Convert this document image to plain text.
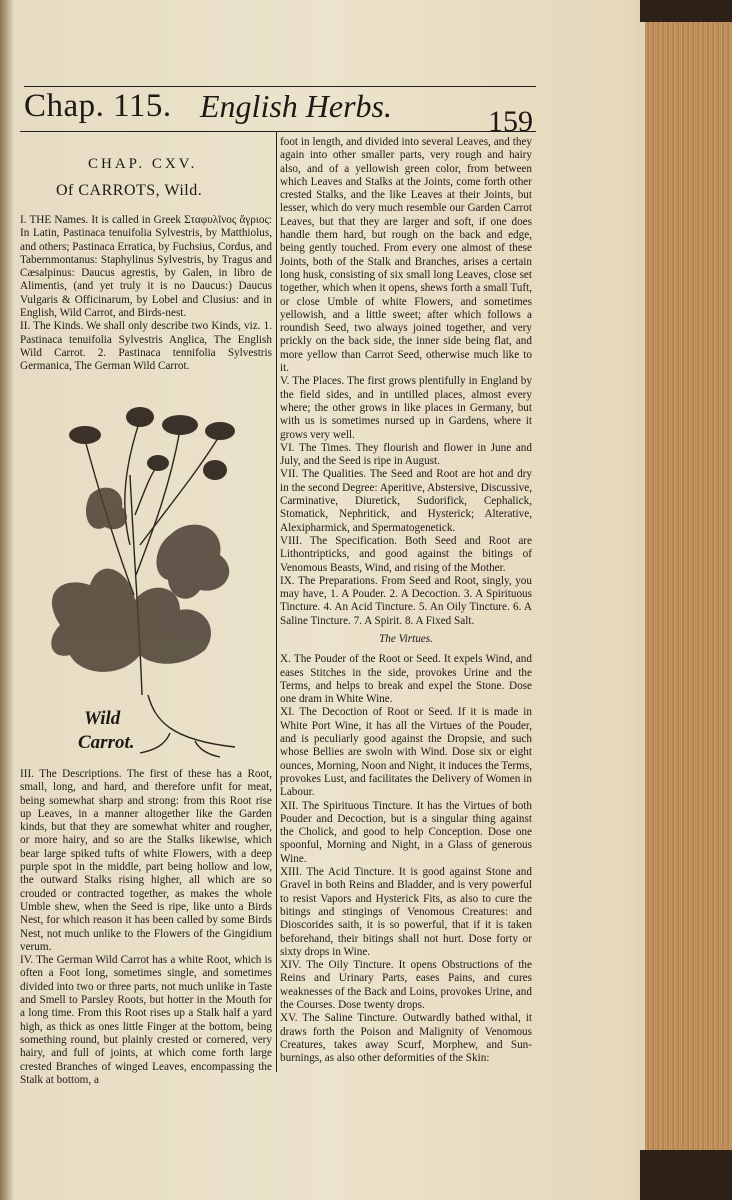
Chap. 115. English Herbs.	159
CHAP. CXV.
Of CARROTS, Wild.

I. THE Names. It is called in Greek Σταφυλῖνος ἄγριος: In Latin, Pastinaca tenuifolia Sylvestris, by Matthiolus, and others; Pastinaca Erratica, by Fuchsius, Cordus, and Tabernmontanus: Staphylinus Sylvestris, by Tragus and Cæsalpinus: Daucus agrestis, by Galen, in libro de Alimentis, (and yet truly it is no Daucus:) Daucus Vulgaris & Officinarum, by Lobel and Clusius: and in English, Wild Carrot, and Birds-nest.

II. The Kinds. We shall only describe two Kinds, viz. 1. Pastinaca tenuifolia Sylvestris Anglica, The English Wild Carrot. 2. Pastinaca tennifolia Sylvestris Germanica, The German Wild Carrot.

Wild
Carrot.

III. The Descriptions. The first of these has a Root, small, long, and hard, and therefore unfit for meat, being somewhat sharp and strong: from this Root rise up Leaves, in a manner altogether like the Garden kinds, but that they are somewhat whiter and rougher, or more hairy, and so are the Stalks likewise, which bear large spiked tufts of white Flowers, with a deep purple spot in the middle, part being hollow and low, the outward Stalks rising higher, all which are so crouded or contracted together, as makes the whole Umble shew, when the Seed is ripe, like unto a Birds Nest, for which reason it has been called by some Birds Nest, not much unlike to the Flowers of the Gingidium verum.

IV. The German Wild Carrot has a white Root, which is often a Foot long, sometimes single, and sometimes divided into two or three parts, not much unlike in Taste and Smell to Parsley Roots, but hotter in the Mouth for a long time. From this Root rises up a Stalk half a yard high, as thick as ones little Finger at the bottom, being something round, but plainly crested or cornered, very hairy, and full of joints, at which come forth large crested Branches of winged Leaves, encompassing the Stalk at bottom, a

foot in length, and divided into several Leaves, and they again into other smaller parts, very rough and hairy also, and of a yellowish green color, from between which Leaves and Stalks at the Joints, come forth other crested Stalks, and the like Leaves at their Joints, but lesser, which do very much resemble our Garden Carrot Leaves, but that they are larger and soft, if one does handle them hard, but rough on the back and edge, being gently touched. From every one almost of these Joints, both of the Stalk and Branches, arises a certain long husk, consisting of six small long Leaves, close set together, which when it opens, shews forth a small Tuft, or close Umble of white Flowers, and sometimes yellowish, and a little sweet; after which follows a roundish Seed, two always joined together, and very prickly on the back side, the inner side being flat, and more yellow than Carrot Seed, otherwise much like to it.

V. The Places. The first grows plentifully in England by the field sides, and in untilled places, almost every where; the other grows in like places in Germany, but with us is sometimes nursed up in Gardens, where it grows very well.

VI. The Times. They flourish and flower in June and July, and the Seed is ripe in August.

VII. The Qualities. The Seed and Root are hot and dry in the second Degree: Aperitive, Abstersive, Discussive, Carminative, Diuretick, Sudorifick, Cephalick, Stomatick, Nephritick, and Hysterick; Alterative, Alexipharmick, and Spermatogenetick.

VIII. The Specification. Both Seed and Root are Lithontripticks, and good against the bitings of Venomous Beasts, Wind, and rising of the Mother.

IX. The Preparations. From Seed and Root, singly, you may have, 1. A Pouder. 2. A Decoction. 3. A Spirituous Tincture. 4. An Acid Tincture. 5. An Oily Tincture. 6. A Saline Tincture. 7. A Spirit. 8. A Fixed Salt.

The Virtues.

X. The Pouder of the Root or Seed. It expels Wind, and eases Stitches in the side, provokes Urine and the Terms, and helps to break and expel the Stone. Dose one dram in White Wine.

XI. The Decoction of Root or Seed. If it is made in White Port Wine, it has all the Virtues of the Pouder, and is peculiarly good against the Dropsie, and such whose Bellies are swoln with Wind. Dose six or eight ounces, Morning, Noon and Night, it induces the Terms, provokes Lust, and facilitates the Delivery of Women in Labour.

XII. The Spirituous Tincture. It has the Virtues of both Pouder and Decoction, but is a singular thing against the Cholick, and good to help Conception. Dose one spoonful, Morning and Night, in a Glass of generous Wine.

XIII. The Acid Tincture. It is good against Stone and Gravel in both Reins and Bladder, and is very powerful to resist Vapors and Hysterick Fits, as also to cure the bitings and stingings of Venomous Creatures: and Dioscorides saith, it is so powerful, that if it is taken beforehand, their bitings shall not hurt. Dose forty or sixty drops in Wine.

XIV. The Oily Tincture. It opens Obstructions of the Reins and Urinary Parts, eases Pains, and cures weaknesses of the Back and Loins, provokes Urine, and the Courses. Dose twenty drops.

XV. The Saline Tincture. Outwardly bathed withal, it draws forth the Poison and Malignity of Venomous Creatures, takes away Scurf, Morphew, and Sun-burnings, as also other deformities of the Skin:
